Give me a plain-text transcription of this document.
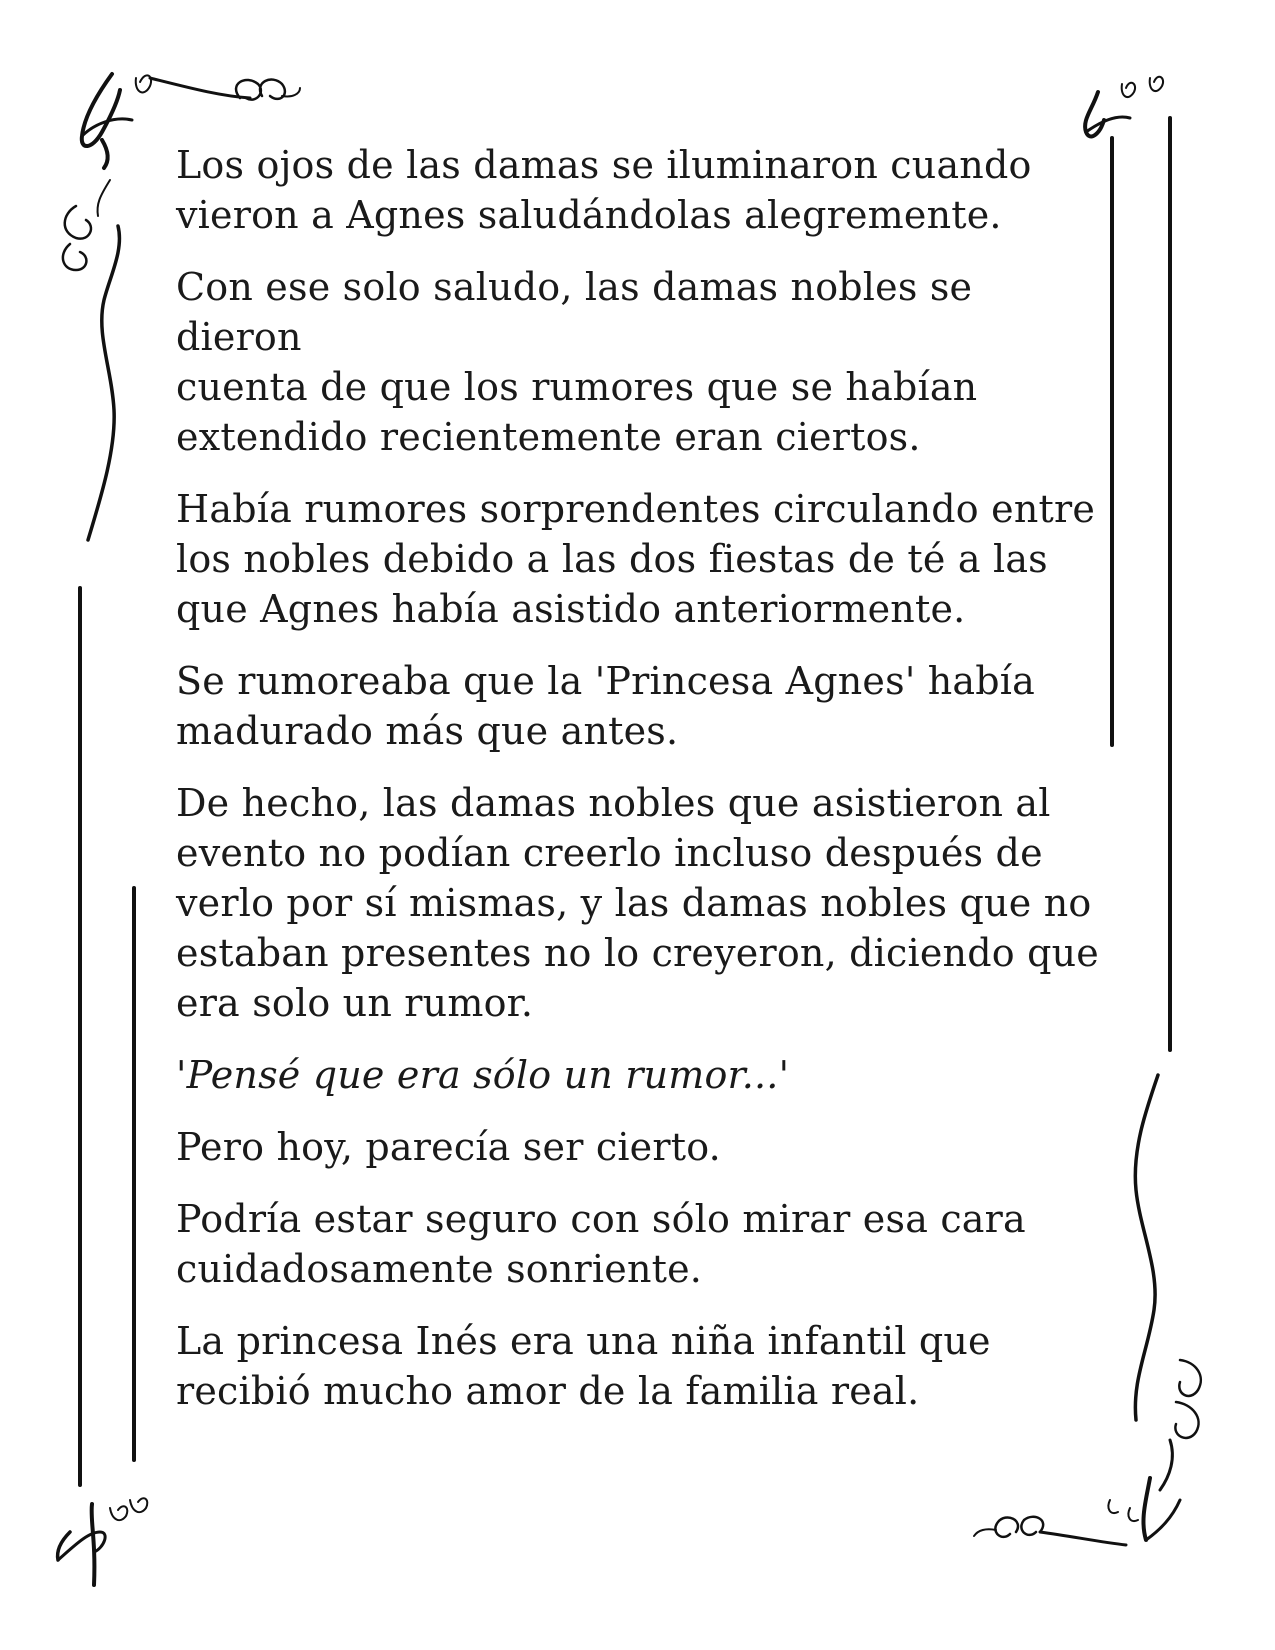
Los ojos de las damas se iluminaron cuando
vieron a Agnes saludándolas alegremente.

Con ese solo saludo, las damas nobles se dieron
cuenta de que los rumores que se habían
extendido recientemente eran ciertos.

Había rumores sorprendentes circulando entre
los nobles debido a las dos fiestas de té a las
que Agnes había asistido anteriormente.

Se rumoreaba que la 'Princesa Agnes' había
madurado más que antes.

De hecho, las damas nobles que asistieron al
evento no podían creerlo incluso después de
verlo por sí mismas, y las damas nobles que no
estaban presentes no lo creyeron, diciendo que
era solo un rumor.

'Pensé que era sólo un rumor...'

Pero hoy, parecía ser cierto.

Podría estar seguro con sólo mirar esa cara
cuidadosamente sonriente.

La princesa Inés era una niña infantil que
recibió mucho amor de la familia real.
